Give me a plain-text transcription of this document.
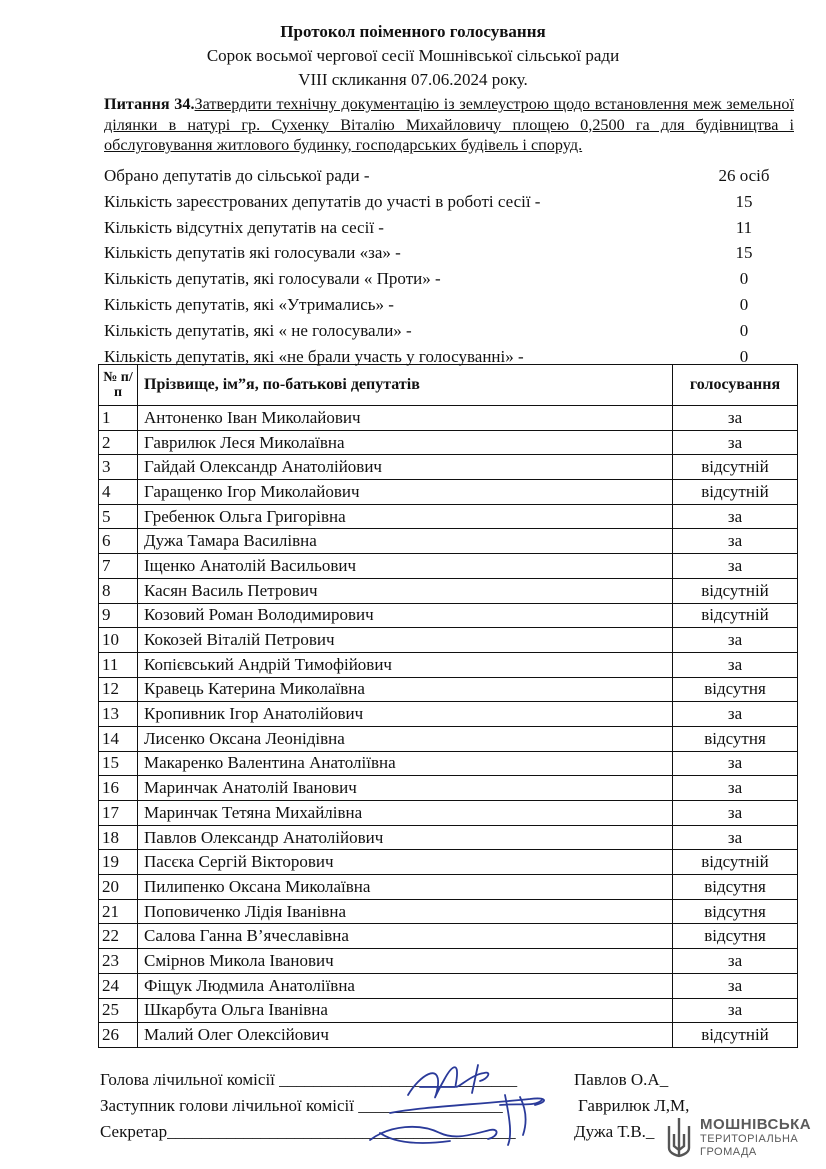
Протокол поіменного голосування
Сорок восьмої чергової сесії Мошнівської сільської ради
VIII скликання 07.06.2024 року.
Питання 34.Затвердити технічну документацію із землеустрою щодо встановлення меж земельної ділянки в натурі гр. Сухенку Віталію Михайловичу площею 0,2500 га для будівництва і обслуговування житлового будинку, господарських будівель і споруд.
Обрано депутатів до сільської ради -	26 осіб
Кількість зареєстрованих депутатів до участі в роботі сесії -	15
Кількість відсутніх депутатів на сесії -	11
Кількість депутатів які голосували «за» -	15
Кількість депутатів, які голосували « Проти» -	0
Кількість депутатів, які «Утримались» -	0
Кількість депутатів, які « не голосували» -	0
Кількість депутатів, які «не брали участь у голосуванні» -	0
№ п/п	Прізвище, ім”я, по-батькові депутатів	голосування
1	Антоненко Іван Миколайович	за
2	Гаврилюк Леся Миколаївна	за
3	Гайдай Олександр Анатолійович	відсутній
4	Гаращенко Ігор Миколайович	відсутній
5	Гребенюк Ольга Григорівна	за
6	Дужа Тамара Василівна	за
7	Іщенко Анатолій Васильович	за
8	Касян Василь Петрович	відсутній
9	Козовий Роман Володимирович	відсутній
10	Кокозей Віталій Петрович	за
11	Копієвський Андрій Тимофійович	за
12	Кравець Катерина Миколаївна	відсутня
13	Кропивник Ігор Анатолійович	за
14	Лисенко Оксана Леонідівна	відсутня
15	Макаренко Валентина Анатоліївна	за
16	Маринчак Анатолій Іванович	за
17	Маринчак Тетяна Михайлівна	за
18	Павлов Олександр Анатолійович	за
19	Пасєка Сергій Вікторович	відсутній
20	Пилипенко Оксана Миколаївна	відсутня
21	Поповиченко Лідія Іванівна	відсутня
22	Салова Ганна В’ячеславівна	відсутня
23	Смірнов Микола Іванович	за
24	Фіщук Людмила Анатоліївна	за
25	Шкарбута Ольга Іванівна	за
26	Малий Олег Олексійович	відсутній
Голова лічильної комісії ____________________________	Павлов О.А_
Заступник голови лічильної комісії _________________	Гаврилюк Л,М,
Секретар_________________________________________	Дужа Т.В._	МОШНІВСЬКА
ТЕРИТОРІАЛЬНА
ГРОМАДА
